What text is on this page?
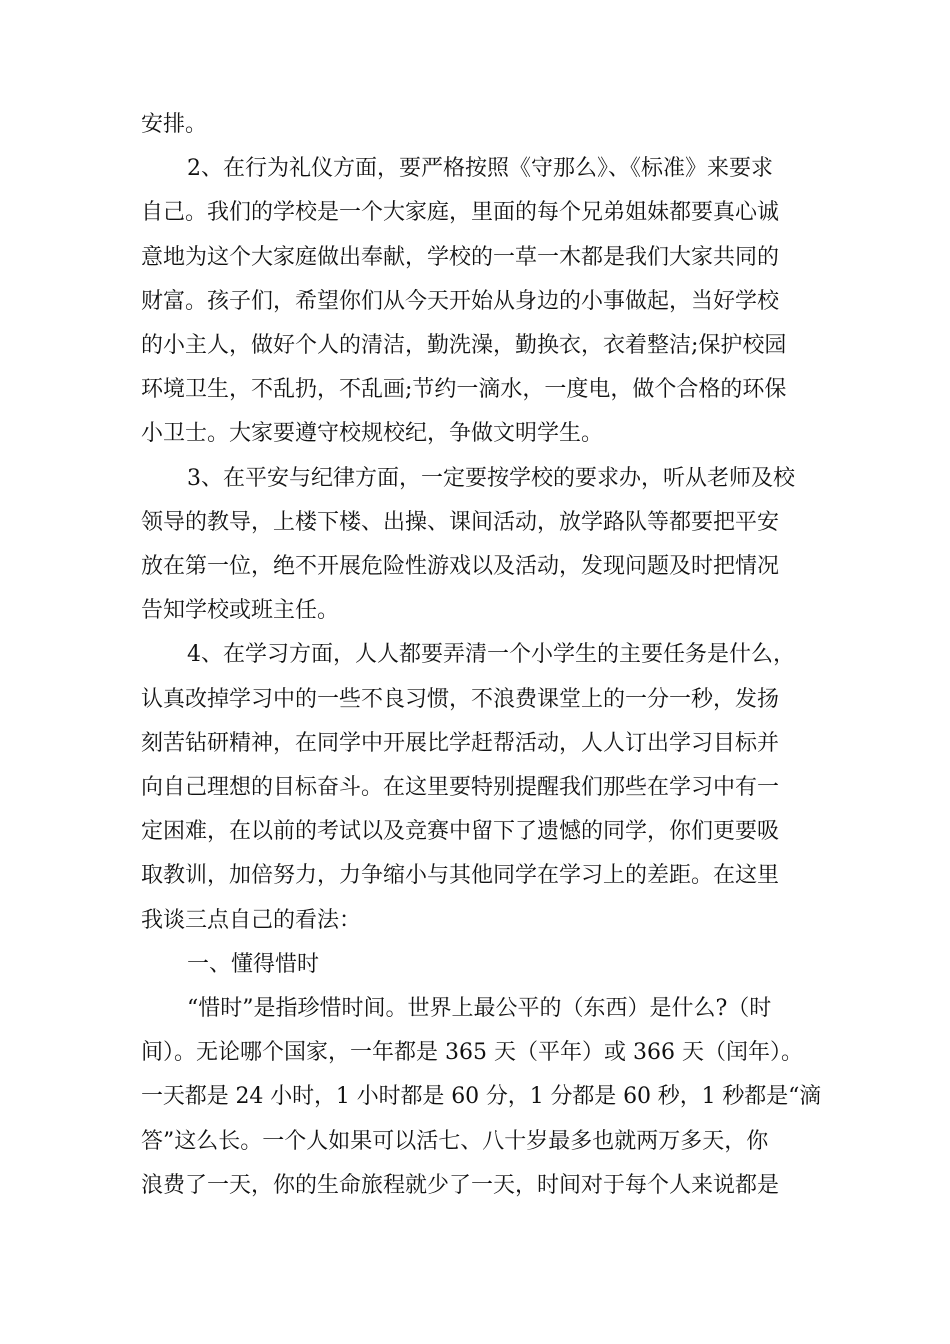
安排。
2、在行为礼仪方面，要严格按照《守那么》、《标准》来要求
自己。我们的学校是一个大家庭，里面的每个兄弟姐妹都要真心诚
意地为这个大家庭做出奉献，学校的一草一木都是我们大家共同的
财富。孩子们，希望你们从今天开始从身边的小事做起，当好学校
的小主人，做好个人的清洁，勤洗澡，勤换衣，衣着整洁;保护校园
环境卫生，不乱扔，不乱画;节约一滴水，一度电，做个合格的环保
小卫士。大家要遵守校规校纪，争做文明学生。
3、在平安与纪律方面，一定要按学校的要求办，听从老师及校
领导的教导，上楼下楼、出操、课间活动，放学路队等都要把平安
放在第一位，绝不开展危险性游戏以及活动，发现问题及时把情况
告知学校或班主任。
4、在学习方面，人人都要弄清一个小学生的主要任务是什么，
认真改掉学习中的一些不良习惯，不浪费课堂上的一分一秒，发扬
刻苦钻研精神，在同学中开展比学赶帮活动，人人订出学习目标并
向自己理想的目标奋斗。在这里要特别提醒我们那些在学习中有一
定困难，在以前的考试以及竞赛中留下了遗憾的同学，你们更要吸
取教训，加倍努力，力争缩小与其他同学在学习上的差距。在这里
我谈三点自己的看法：
一、懂得惜时
“惜时”是指珍惜时间。世界上最公平的（东西）是什么?（时
间）。无论哪个国家，一年都是 365 天（平年）或 366 天（闰年）。
一天都是 24 小时，1 小时都是 60 分，1 分都是 60 秒，1 秒都是“滴
答”这么长。一个人如果可以活七、八十岁最多也就两万多天，你
浪费了一天，你的生命旅程就少了一天，时间对于每个人来说都是
